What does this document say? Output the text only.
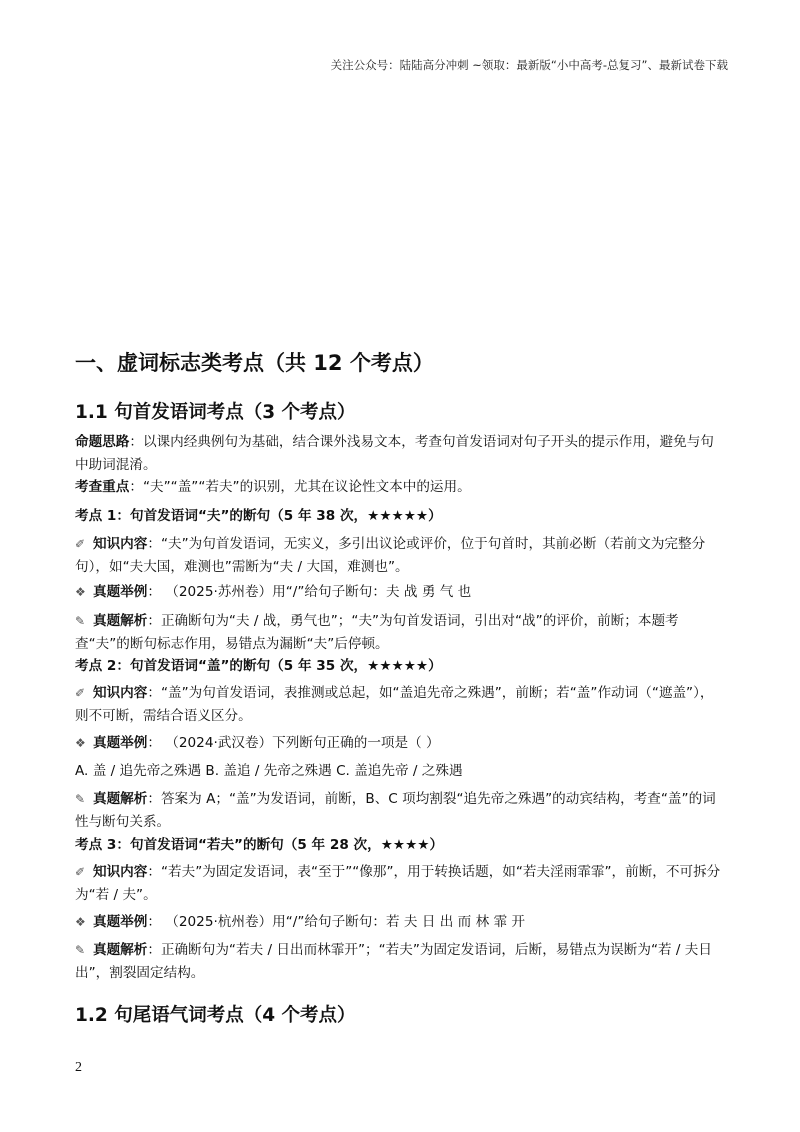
关注公众号：陆陆高分冲刺 ~领取：最新版“小中高考-总复习”、最新试卷下载
一、虚词标志类考点（共 12 个考点）
1.1 句首发语词考点（3 个考点）
命题思路：以课内经典例句为基础，结合课外浅易文本，考查句首发语词对句子开头的提示作用，避免与句中助词混淆。
考查重点：“夫”“盖”“若夫”的识别，尤其在议论性文本中的运用。
考点 1：句首发语词“夫”的断句（5 年 38 次，★★★★★）
✐ 知识内容：“夫”为句首发语词，无实义，多引出议论或评价，位于句首时，其前必断（若前文为完整分句），如“夫大国，难测也”需断为“夫 / 大国，难测也”。
❖ 真题举例： （2025·苏州卷）用“/”给句子断句：夫 战 勇 气 也
✎ 真题解析：正确断句为“夫 / 战，勇气也”；“夫”为句首发语词，引出对“战”的评价，前断；本题考查“夫”的断句标志作用，易错点为漏断“夫”后停顿。
考点 2：句首发语词“盖”的断句（5 年 35 次，★★★★★）
✐ 知识内容：“盖”为句首发语词，表推测或总起，如“盖追先帝之殊遇”，前断；若“盖”作动词（“遮盖”），则不可断，需结合语义区分。
❖ 真题举例： （2024·武汉卷）下列断句正确的一项是（ ）
A. 盖 / 追先帝之殊遇 B. 盖追 / 先帝之殊遇 C. 盖追先帝 / 之殊遇
✎ 真题解析：答案为 A；“盖”为发语词，前断，B、C 项均割裂“追先帝之殊遇”的动宾结构，考查“盖”的词性与断句关系。
考点 3：句首发语词“若夫”的断句（5 年 28 次，★★★★）
✐ 知识内容：“若夫”为固定发语词，表“至于”“像那”，用于转换话题，如“若夫淫雨霏霏”，前断，不可拆分为“若 / 夫”。
❖ 真题举例： （2025·杭州卷）用“/”给句子断句：若 夫 日 出 而 林 霏 开
✎ 真题解析：正确断句为“若夫 / 日出而林霏开”；“若夫”为固定发语词，后断，易错点为误断为“若 / 夫日出”，割裂固定结构。
1.2 句尾语气词考点（4 个考点）
2
